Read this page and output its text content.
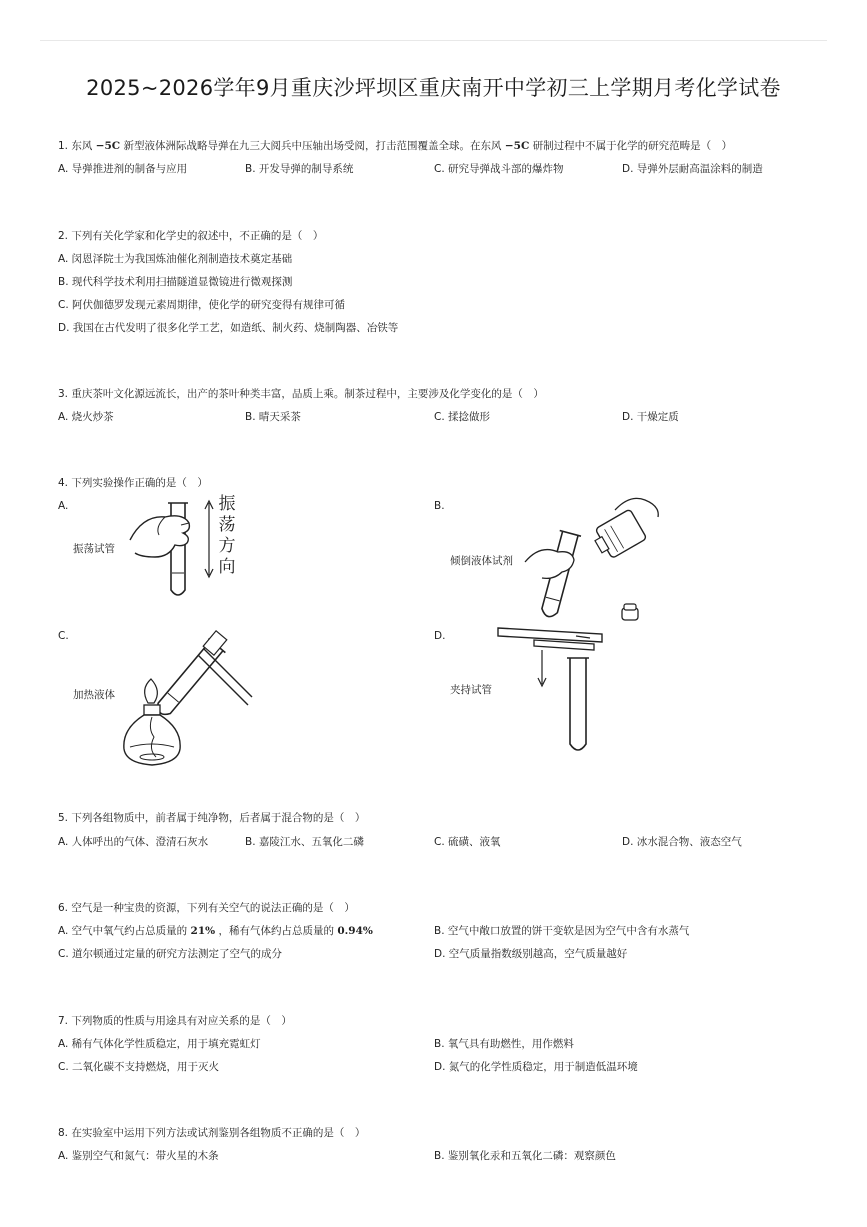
2025~2026学年9月重庆沙坪坝区重庆南开中学初三上学期月考化学试卷
1. 东风 −5C 新型液体洲际战略导弹在九三大阅兵中压轴出场受阅，打击范围覆盖全球。在东风 −5C 研制过程中不属于化学的研究范畴是（　）
A. 导弹推进剂的制备与应用	B. 开发导弹的制导系统	C. 研究导弹战斗部的爆炸物	D. 导弹外层耐高温涂料的制造
2. 下列有关化学家和化学史的叙述中，不正确的是（　）
A. 闵恩泽院士为我国炼油催化剂制造技术奠定基础
B. 现代科学技术利用扫描隧道显微镜进行微观探测
C. 阿伏伽德罗发现元素周期律，使化学的研究变得有规律可循
D. 我国在古代发明了很多化学工艺，如造纸、制火药、烧制陶器、冶铁等
3. 重庆茶叶文化源远流长，出产的茶叶种类丰富，品质上乘。制茶过程中，主要涉及化学变化的是（　）
A. 烧火炒茶	B. 晴天采茶	C. 揉捻做形	D. 干燥定质
4. 下列实验操作正确的是（　）
A.
振荡试管
振荡方向
B.
倾倒液体试剂
C.
加热液体
D.
夹持试管
5. 下列各组物质中，前者属于纯净物，后者属于混合物的是（　）
A. 人体呼出的气体、澄清石灰水	B. 嘉陵江水、五氧化二磷	C. 硫磺、液氧	D. 冰水混合物、液态空气
6. 空气是一种宝贵的资源，下列有关空气的说法正确的是（　）
A. 空气中氧气约占总质量的 21% ，稀有气体约占总质量的 0.94%	B. 空气中敞口放置的饼干变软是因为空气中含有水蒸气
C. 道尔顿通过定量的研究方法测定了空气的成分	D. 空气质量指数级别越高，空气质量越好
7. 下列物质的性质与用途具有对应关系的是（　）
A. 稀有气体化学性质稳定，用于填充霓虹灯	B. 氧气具有助燃性，用作燃料
C. 二氧化碳不支持燃烧，用于灭火	D. 氮气的化学性质稳定，用于制造低温环境
8. 在实验室中运用下列方法或试剂鉴别各组物质不正确的是（　）
A. 鉴别空气和氮气：带火星的木条	B. 鉴别氧化汞和五氧化二磷：观察颜色
